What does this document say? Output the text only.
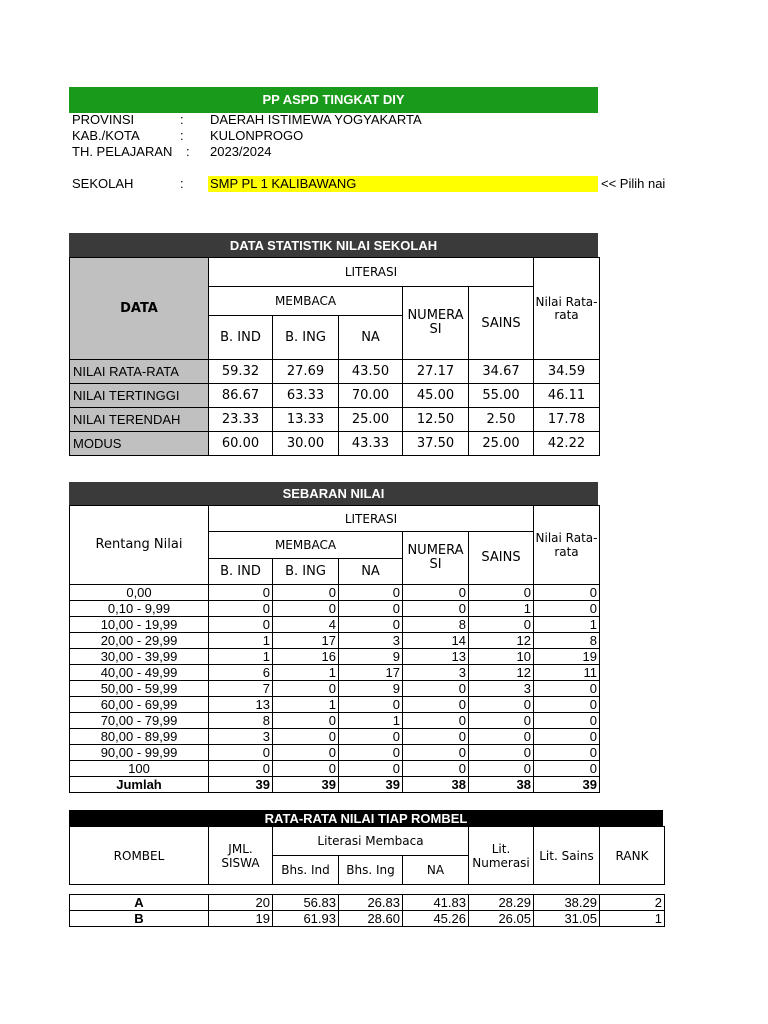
PP ASPD TINGKAT DIY
PROVINSI	: DAERAH ISTIMEWA YOGYAKARTA
KAB./KOTA	: KULONPROGO
TH. PELAJARAN : 2023/2024
SEKOLAH	: SMP PL 1 KALIBAWANG	<< Pilih nai
DATA STATISTIK NILAI SEKOLAH
DATA	LITERASI					Nilai Rata-rata
	MEMBACA			NUMERA SI	SAINS	
	B. IND	B. ING	NA			
NILAI RATA-RATA	59.32	27.69	43.50	27.17	34.67	34.59
NILAI TERTINGGI	86.67	63.33	70.00	45.00	55.00	46.11
NILAI TERENDAH	23.33	13.33	25.00	12.50	2.50	17.78
MODUS	60.00	30.00	43.33	37.50	25.00	42.22
SEBARAN NILAI
Rentang Nilai	LITERASI					Nilai Rata-rata
	MEMBACA			NUMERA SI	SAINS	
	B. IND	B. ING	NA			
0,00	0	0	0	0	0	0
0,10 - 9,99	0	0	0	0	1	0
10,00 - 19,99	0	4	0	8	0	1
20,00 - 29,99	1	17	3	14	12	8
30,00 - 39,99	1	16	9	13	10	19
40,00 - 49,99	6	1	17	3	12	11
50,00 - 59,99	7	0	9	0	3	0
60,00 - 69,99	13	1	0	0	0	0
70,00 - 79,99	8	0	1	0	0	0
80,00 - 89,99	3	0	0	0	0	0
90,00 - 99,99	0	0	0	0	0	0
100	0	0	0	0	0	0
Jumlah	39	39	39	38	38	39
RATA-RATA NILAI TIAP ROMBEL
ROMBEL	JML. SISWA	Literasi Membaca			Lit. Numerasi	Lit. Sains	RANK
		Bhs. Ind	Bhs. Ing	NA			
A	20	56.83	26.83	41.83	28.29	38.29	2
B	19	61.93	28.60	45.26	26.05	31.05	1
